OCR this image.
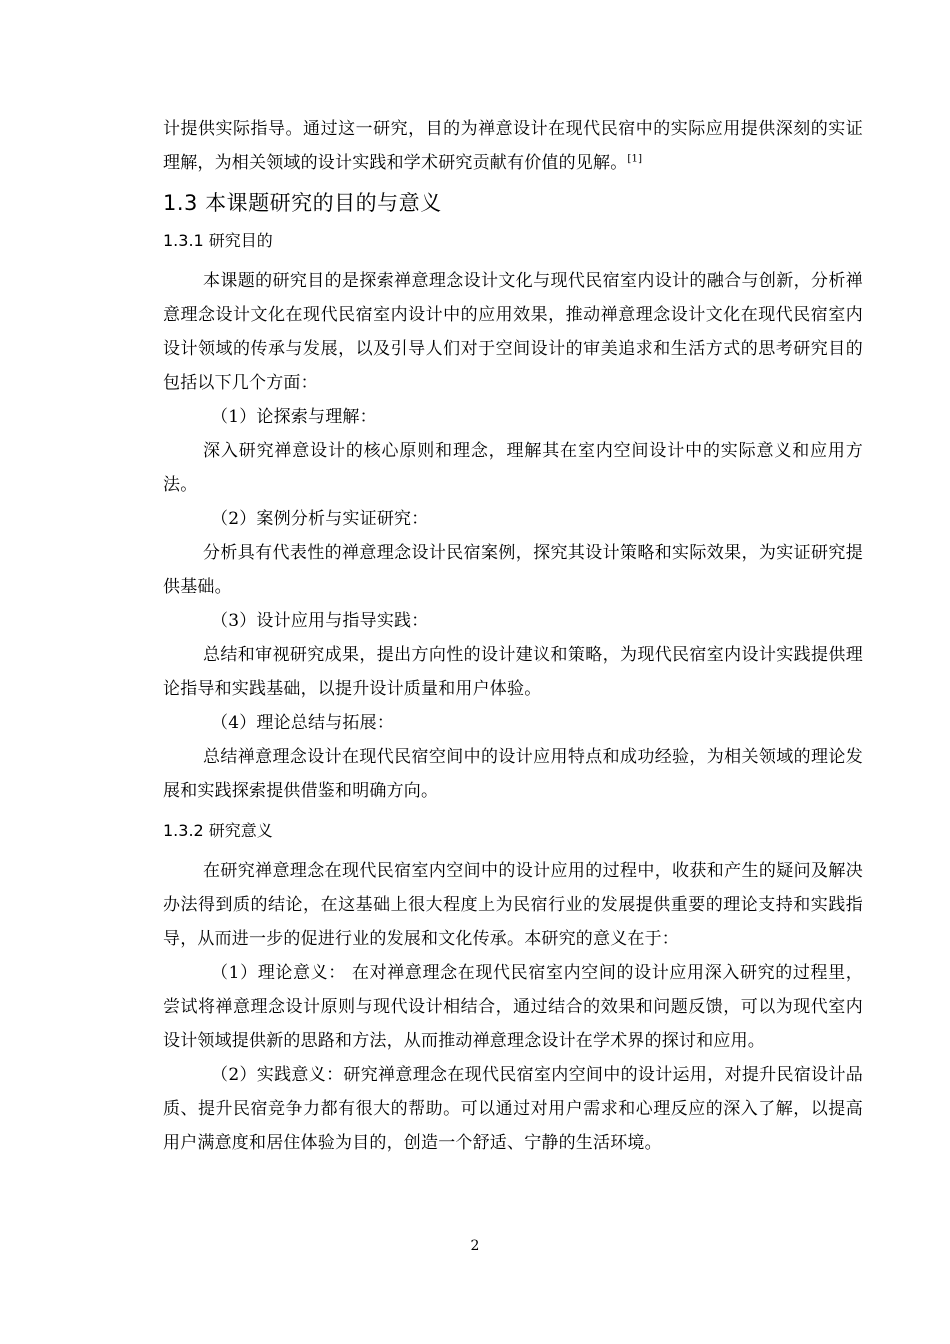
计提供实际指导。通过这一研究，目的为禅意设计在现代民宿中的实际应用提供深刻的实证理解，为相关领域的设计实践和学术研究贡献有价值的见解。[1]

1.3 本课题研究的目的与意义
1.3.1 研究目的

本课题的研究目的是探索禅意理念设计文化与现代民宿室内设计的融合与创新，分析禅意理念设计文化在现代民宿室内设计中的应用效果，推动禅意理念设计文化在现代民宿室内设计领域的传承与发展，以及引导人们对于空间设计的审美追求和生活方式的思考研究目的包括以下几个方面：

（1）论探索与理解：

深入研究禅意设计的核心原则和理念，理解其在室内空间设计中的实际意义和应用方法。

（2）案例分析与实证研究：

分析具有代表性的禅意理念设计民宿案例，探究其设计策略和实际效果，为实证研究提供基础。

（3）设计应用与指导实践：

总结和审视研究成果，提出方向性的设计建议和策略，为现代民宿室内设计实践提供理论指导和实践基础，以提升设计质量和用户体验。

（4）理论总结与拓展：

总结禅意理念设计在现代民宿空间中的设计应用特点和成功经验，为相关领域的理论发展和实践探索提供借鉴和明确方向。

1.3.2 研究意义

在研究禅意理念在现代民宿室内空间中的设计应用的过程中，收获和产生的疑问及解决办法得到质的结论，在这基础上很大程度上为民宿行业的发展提供重要的理论支持和实践指导，从而进一步的促进行业的发展和文化传承。本研究的意义在于：

（1）理论意义： 在对禅意理念在现代民宿室内空间的设计应用深入研究的过程里，尝试将禅意理念设计原则与现代设计相结合，通过结合的效果和问题反馈，可以为现代室内设计领域提供新的思路和方法，从而推动禅意理念设计在学术界的探讨和应用。

（2）实践意义：研究禅意理念在现代民宿室内空间中的设计运用，对提升民宿设计品质、提升民宿竞争力都有很大的帮助。可以通过对用户需求和心理反应的深入了解，以提高用户满意度和居住体验为目的，创造一个舒适、宁静的生活环境。

2
